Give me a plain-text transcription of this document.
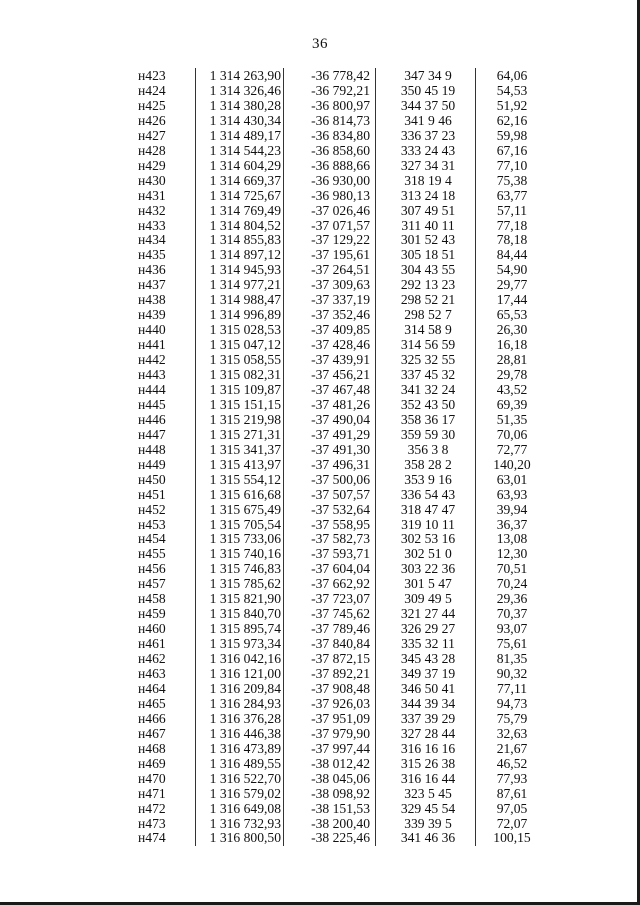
36
н423	1 314 263,90	-36 778,42	347 34 9	64,06
н424	1 314 326,46	-36 792,21	350 45 19	54,53
н425	1 314 380,28	-36 800,97	344 37 50	51,92
н426	1 314 430,34	-36 814,73	341 9 46	62,16
н427	1 314 489,17	-36 834,80	336 37 23	59,98
н428	1 314 544,23	-36 858,60	333 24 43	67,16
н429	1 314 604,29	-36 888,66	327 34 31	77,10
н430	1 314 669,37	-36 930,00	318 19 4	75,38
н431	1 314 725,67	-36 980,13	313 24 18	63,77
н432	1 314 769,49	-37 026,46	307 49 51	57,11
н433	1 314 804,52	-37 071,57	311 40 11	77,18
н434	1 314 855,83	-37 129,22	301 52 43	78,18
н435	1 314 897,12	-37 195,61	305 18 51	84,44
н436	1 314 945,93	-37 264,51	304 43 55	54,90
н437	1 314 977,21	-37 309,63	292 13 23	29,77
н438	1 314 988,47	-37 337,19	298 52 21	17,44
н439	1 314 996,89	-37 352,46	298 52 7	65,53
н440	1 315 028,53	-37 409,85	314 58 9	26,30
н441	1 315 047,12	-37 428,46	314 56 59	16,18
н442	1 315 058,55	-37 439,91	325 32 55	28,81
н443	1 315 082,31	-37 456,21	337 45 32	29,78
н444	1 315 109,87	-37 467,48	341 32 24	43,52
н445	1 315 151,15	-37 481,26	352 43 50	69,39
н446	1 315 219,98	-37 490,04	358 36 17	51,35
н447	1 315 271,31	-37 491,29	359 59 30	70,06
н448	1 315 341,37	-37 491,30	356 3 8	72,77
н449	1 315 413,97	-37 496,31	358 28 2	140,20
н450	1 315 554,12	-37 500,06	353 9 16	63,01
н451	1 315 616,68	-37 507,57	336 54 43	63,93
н452	1 315 675,49	-37 532,64	318 47 47	39,94
н453	1 315 705,54	-37 558,95	319 10 11	36,37
н454	1 315 733,06	-37 582,73	302 53 16	13,08
н455	1 315 740,16	-37 593,71	302 51 0	12,30
н456	1 315 746,83	-37 604,04	303 22 36	70,51
н457	1 315 785,62	-37 662,92	301 5 47	70,24
н458	1 315 821,90	-37 723,07	309 49 5	29,36
н459	1 315 840,70	-37 745,62	321 27 44	70,37
н460	1 315 895,74	-37 789,46	326 29 27	93,07
н461	1 315 973,34	-37 840,84	335 32 11	75,61
н462	1 316 042,16	-37 872,15	345 43 28	81,35
н463	1 316 121,00	-37 892,21	349 37 19	90,32
н464	1 316 209,84	-37 908,48	346 50 41	77,11
н465	1 316 284,93	-37 926,03	344 39 34	94,73
н466	1 316 376,28	-37 951,09	337 39 29	75,79
н467	1 316 446,38	-37 979,90	327 28 44	32,63
н468	1 316 473,89	-37 997,44	316 16 16	21,67
н469	1 316 489,55	-38 012,42	315 26 38	46,52
н470	1 316 522,70	-38 045,06	316 16 44	77,93
н471	1 316 579,02	-38 098,92	323 5 45	87,61
н472	1 316 649,08	-38 151,53	329 45 54	97,05
н473	1 316 732,93	-38 200,40	339 39 5	72,07
н474	1 316 800,50	-38 225,46	341 46 36	100,15
